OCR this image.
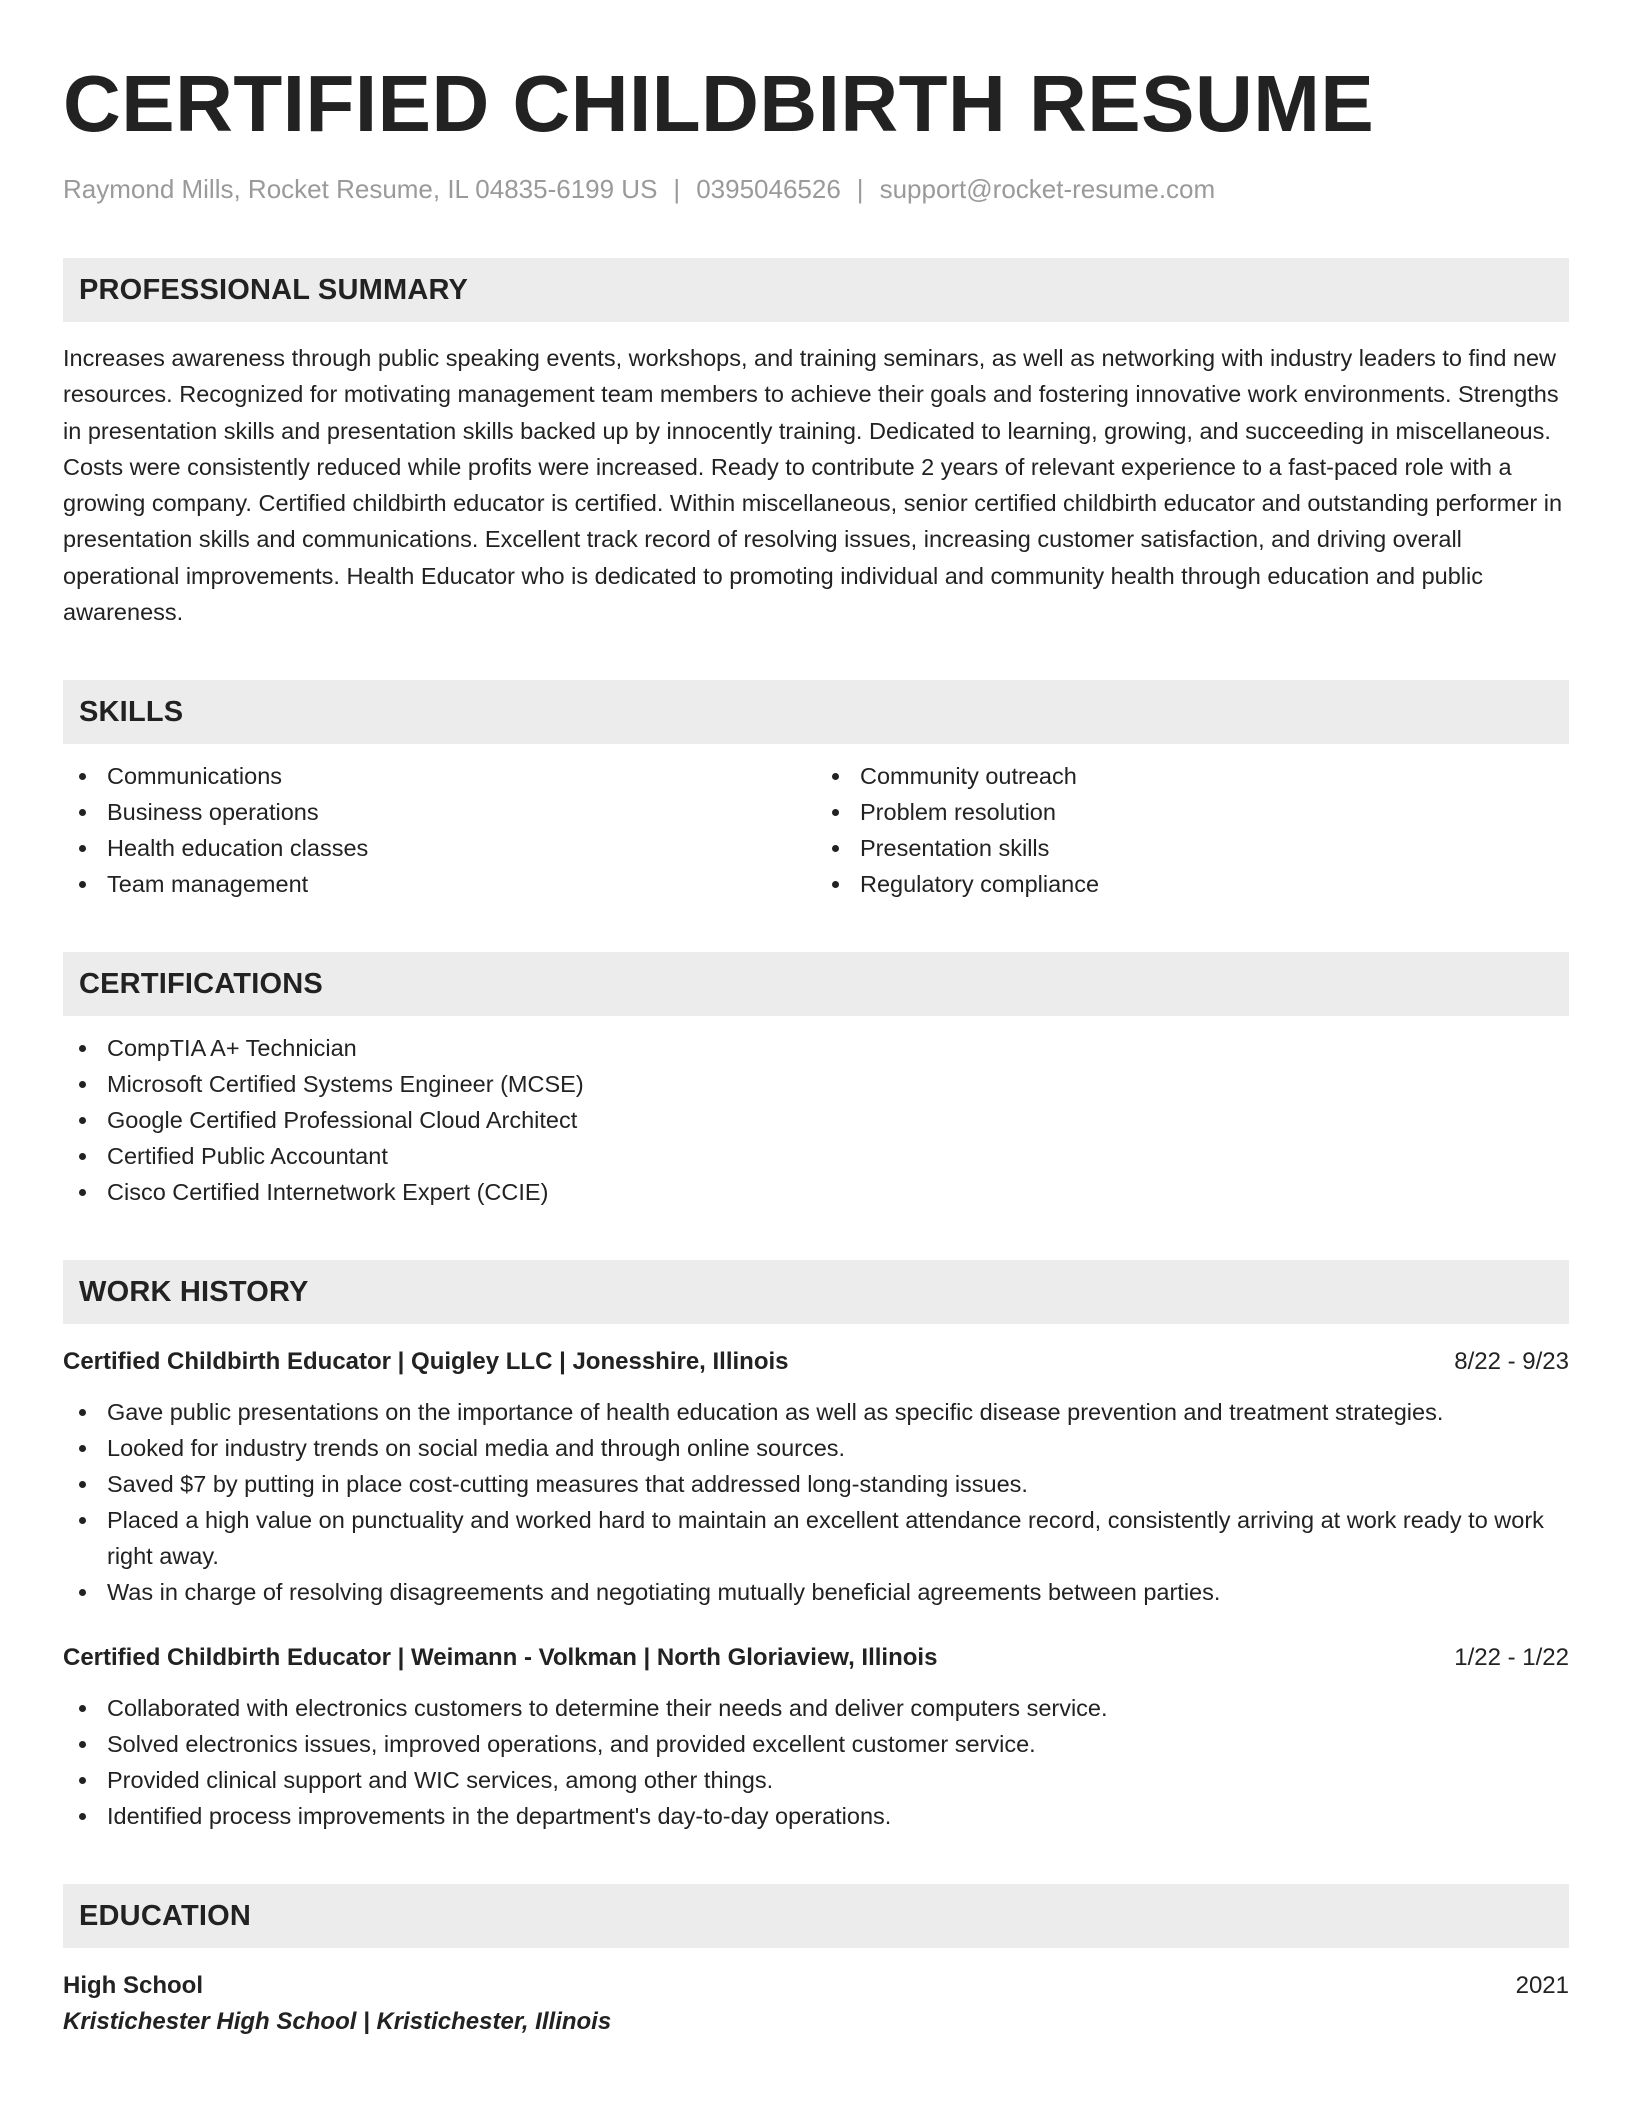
CERTIFIED CHILDBIRTH RESUME
Raymond Mills, Rocket Resume, IL 04835-6199 US | 0395046526 | support@rocket-resume.com
PROFESSIONAL SUMMARY

Increases awareness through public speaking events, workshops, and training seminars, as well as networking with industry leaders to find new resources. Recognized for motivating management team members to achieve their goals and fostering innovative work environments. Strengths in presentation skills and presentation skills backed up by innocently training. Dedicated to learning, growing, and succeeding in miscellaneous. Costs were consistently reduced while profits were increased. Ready to contribute 2 years of relevant experience to a fast-paced role with a growing company. Certified childbirth educator is certified. Within miscellaneous, senior certified childbirth educator and outstanding performer in presentation skills and communications. Excellent track record of resolving issues, increasing customer satisfaction, and driving overall operational improvements. Health Educator who is dedicated to promoting individual and community health through education and public awareness.

SKILLS
Communications
Business operations
Health education classes
Team management
Community outreach
Problem resolution
Presentation skills
Regulatory compliance
CERTIFICATIONS
CompTIA A+ Technician
Microsoft Certified Systems Engineer (MCSE)
Google Certified Professional Cloud Architect
Certified Public Accountant
Cisco Certified Internetwork Expert (CCIE)
WORK HISTORY
Certified Childbirth Educator | Quigley LLC | Jonesshire, Illinois	8/22 - 9/23
Gave public presentations on the importance of health education as well as specific disease prevention and treatment strategies.
Looked for industry trends on social media and through online sources.
Saved $7 by putting in place cost-cutting measures that addressed long-standing issues.
Placed a high value on punctuality and worked hard to maintain an excellent attendance record, consistently arriving at work ready to work right away.
Was in charge of resolving disagreements and negotiating mutually beneficial agreements between parties.
Certified Childbirth Educator | Weimann - Volkman | North Gloriaview, Illinois	1/22 - 1/22
Collaborated with electronics customers to determine their needs and deliver computers service.
Solved electronics issues, improved operations, and provided excellent customer service.
Provided clinical support and WIC services, among other things.
Identified process improvements in the department's day-to-day operations.
EDUCATION
High School	2021
Kristichester High School | Kristichester, Illinois
